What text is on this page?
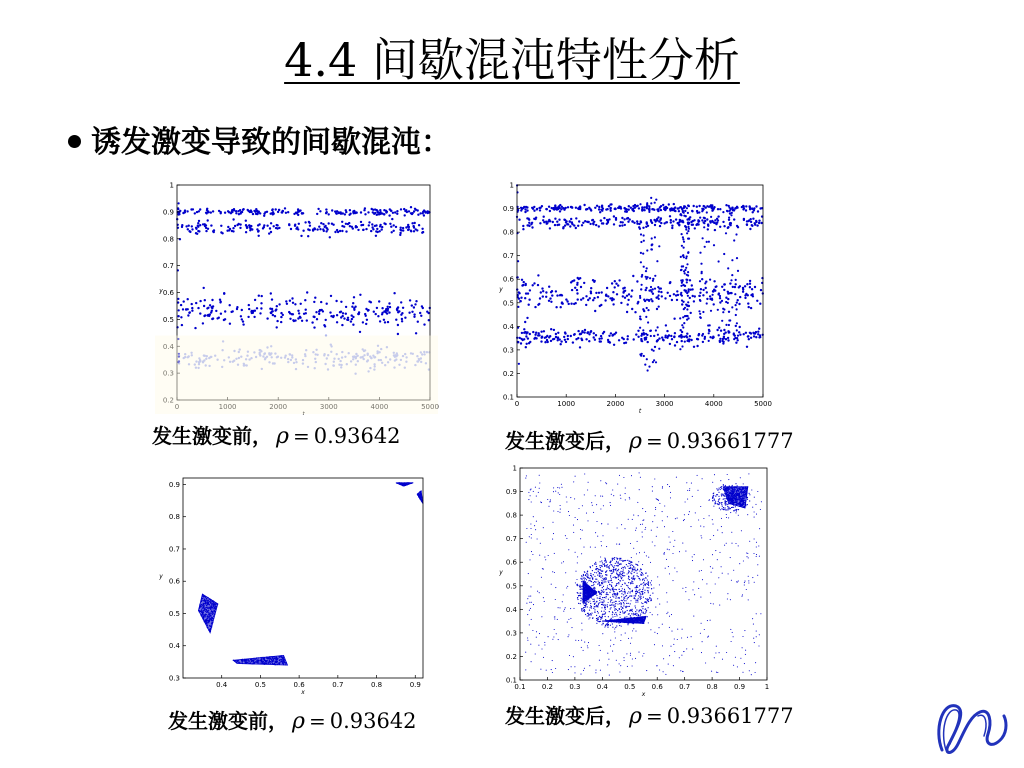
4.4 间歇混沌特性分析
诱发激变导致的间歇混沌：
0.2
0.3
0.4
0.5
0.6
0.7
0.8
0.9
1
0	1000	2000	3000	4000	5000
t
y
0.1
0.2
0.3
0.4
0.5
0.6
0.7
0.8
0.9
1
0	1000	2000	3000	4000	5000
t
y
0.3
0.4
0.5
0.6
0.7
0.8
0.9
0.4	0.5	0.6	0.7	0.8	0.9
x
y
0.1
0.2
0.3
0.4
0.5
0.6
0.7
0.8
0.9
1
0.1 0.2 0.3 0.4 0.5 0.6 0.7 0.8 0.9	1
x
y
发生激变前， ρ = 0.93642	发生激变后， ρ = 0.93661777
发生激变前， ρ = 0.93642	发生激变后， ρ = 0.93661777
